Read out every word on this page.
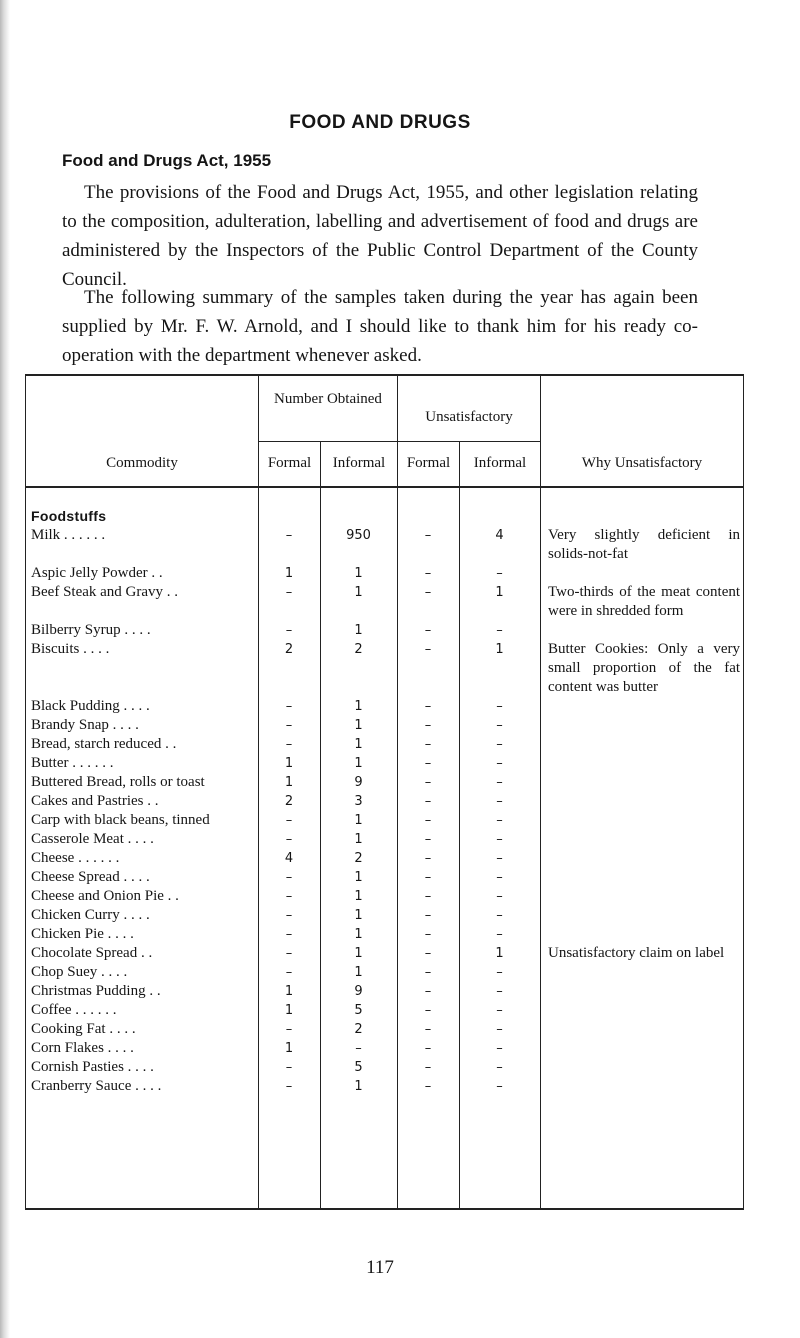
FOOD AND DRUGS
Food and Drugs Act, 1955

The provisions of the Food and Drugs Act, 1955, and other legislation relating to the composition, adulteration, labelling and advertisement of food and drugs are administered by the Inspectors of the Public Control Department of the County Council.

The following summary of the samples taken during the year has again been supplied by Mr. F. W. Arnold, and I should like to thank him for his ready co-operation with the department whenever asked.

Number Obtained
Unsatisfactory
Commodity	Formal	Informal	Formal	Informal	Why Unsatisfactory
Foodstuffs					
Milk . . . . . .	–	950	–	4	Very slightly deficient in solids-not-fat
Aspic Jelly Powder . .	1	1	–	–	
Beef Steak and Gravy . .	–	1	–	1	Two-thirds of the meat content were in shredded form
Bilberry Syrup . . . .	–	1	–	–	
Biscuits . . . .	2	2	–	1	Butter Cookies: Only a very small proportion of the fat content was butter
Black Pudding . . . .	–	1	–	–	
Brandy Snap . . . .	–	1	–	–	
Bread, starch reduced . .	–	1	–	–	
Butter . . . . . .	1	1	–	–	
Buttered Bread, rolls or toast	1	9	–	–	
Cakes and Pastries . .	2	3	–	–	
Carp with black beans, tinned	–	1	–	–	
Casserole Meat . . . .	–	1	–	–	
Cheese . . . . . .	4	2	–	–	
Cheese Spread . . . .	–	1	–	–	
Cheese and Onion Pie . .	–	1	–	–	
Chicken Curry . . . .	–	1	–	–	
Chicken Pie . . . .	–	1	–	–	
Chocolate Spread . .	–	1	–	1	Unsatisfactory claim on label
Chop Suey . . . .	–	1	–	–	
Christmas Pudding . .	1	9	–	–	
Coffee . . . . . .	1	5	–	–	
Cooking Fat . . . .	–	2	–	–	
Corn Flakes . . . .	1	–	–	–	
Cornish Pasties . . . .	–	5	–	–	
Cranberry Sauce . . . .	–	1	–	–	
117
